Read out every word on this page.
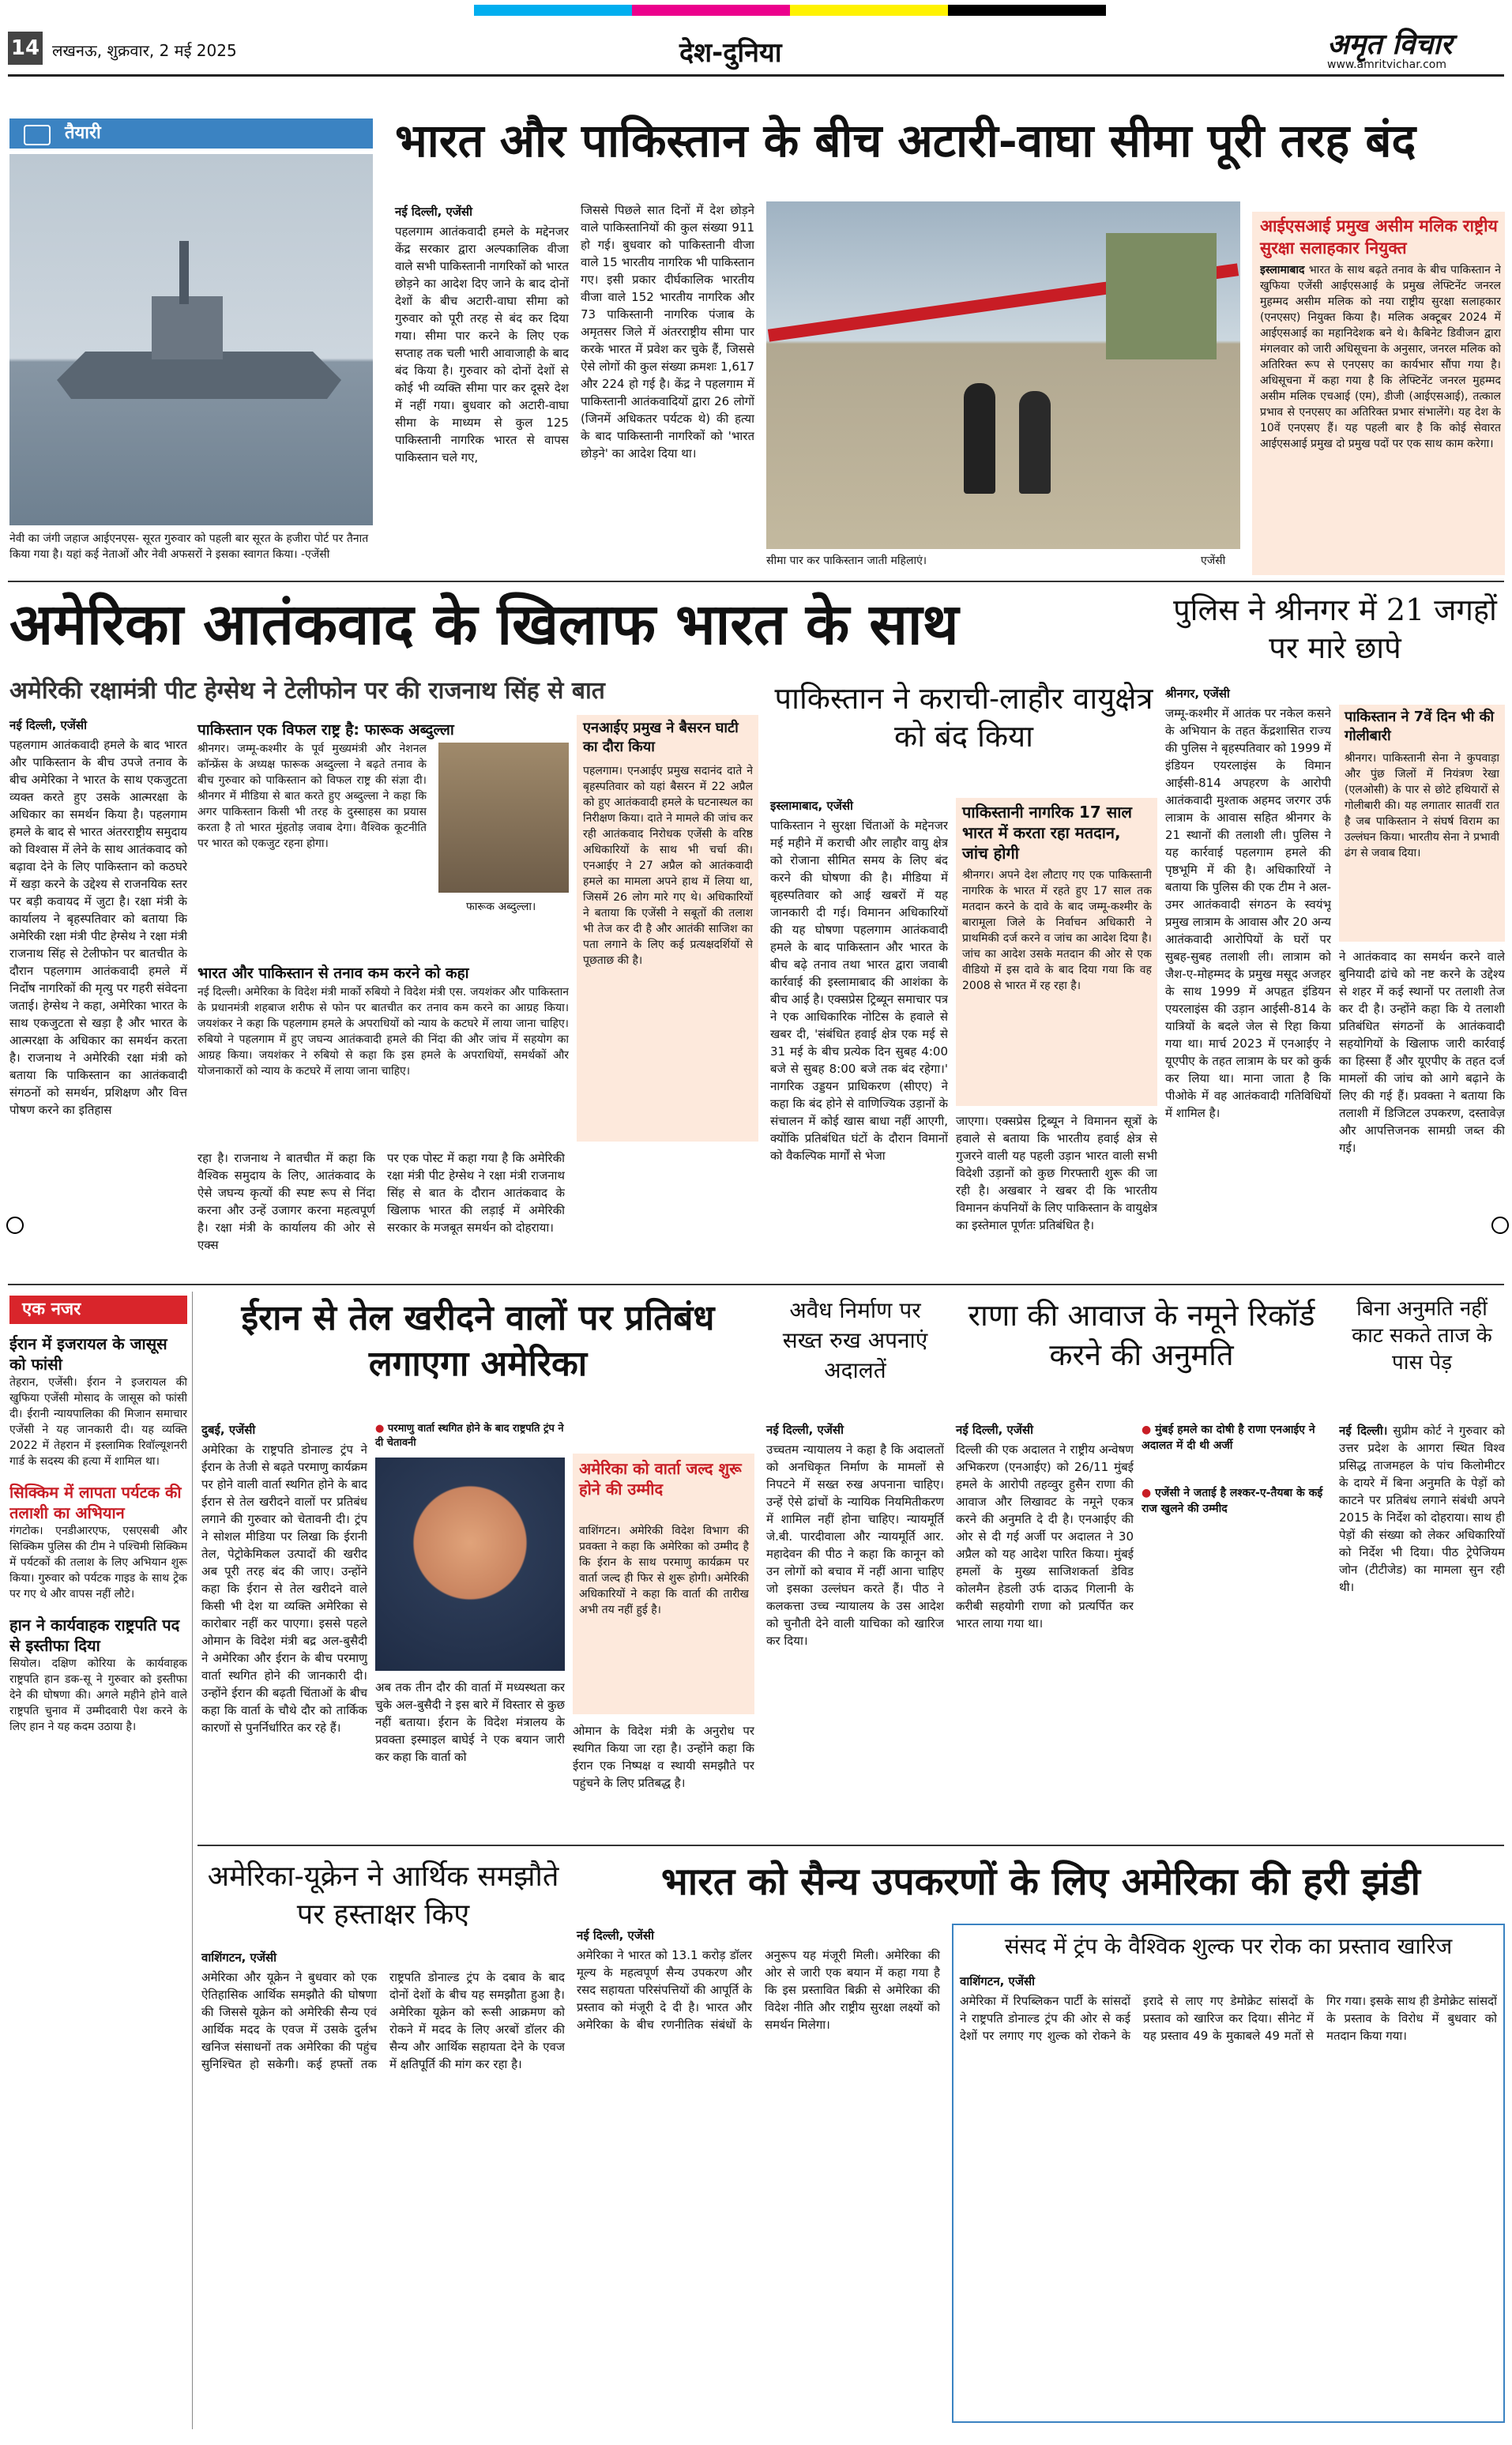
14 लखनऊ, शुक्रवार, 2 मई 2025	देश-दुनिया	अमृत विचार
www.amritvichar.com
तैयारी
नेवी का जंगी जहाज आईएनएस- सूरत गुरुवार को पहली बार सूरत के हजीरा पोर्ट पर तैनात किया गया है। यहां कई नेताओं और नेवी अफसरों ने इसका स्वागत किया। -एजेंसी
भारत और पाकिस्तान के बीच अटारी-वाघा सीमा पूरी तरह बंद
नई दिल्ली, एजेंसी
पहलगाम आतंकवादी हमले के मद्देनजर केंद्र सरकार द्वारा अल्पकालिक वीजा वाले सभी पाकिस्तानी नागरिकों को भारत छोड़ने का आदेश दिए जाने के बाद दोनों देशों के बीच अटारी-वाघा सीमा को गुरुवार को पूरी तरह से बंद कर दिया गया। सीमा पार करने के लिए एक सप्ताह तक चली भारी आवाजाही के बाद बंद किया है। गुरुवार को दोनों देशों से कोई भी व्यक्ति सीमा पार कर दूसरे देश में नहीं गया। बुधवार को अटारी-वाघा सीमा के माध्यम से कुल 125 पाकिस्तानी नागरिक भारत से वापस पाकिस्तान चले गए,
जिससे पिछले सात दिनों में देश छोड़ने वाले पाकिस्तानियों की कुल संख्या 911 हो गई। बुधवार को पाकिस्तानी वीजा वाले 15 भारतीय नागरिक भी पाकिस्तान गए। इसी प्रकार दीर्घकालिक भारतीय वीजा वाले 152 भारतीय नागरिक और 73 पाकिस्तानी नागरिक पंजाब के अमृतसर जिले में अंतरराष्ट्रीय सीमा पार करके भारत में प्रवेश कर चुके हैं, जिससे ऐसे लोगों की कुल संख्या क्रमशः 1,617 और 224 हो गई है। केंद्र ने पहलगाम में पाकिस्तानी आतंकवादियों द्वारा 26 लोगों (जिनमें अधिकतर पर्यटक थे) की हत्या के बाद पाकिस्तानी नागरिकों को 'भारत छोड़ने' का आदेश दिया था।
सीमा पार कर पाकिस्तान जाती महिलाएं।	एजेंसी
आईएसआई प्रमुख असीम मलिक राष्ट्रीय सुरक्षा सलाहकार नियुक्त
इस्लामाबाद भारत के साथ बढ़ते तनाव के बीच पाकिस्तान ने खुफिया एजेंसी आईएसआई के प्रमुख लेफ्टिनेंट जनरल मुहम्मद असीम मलिक को नया राष्ट्रीय सुरक्षा सलाहकार (एनएसए) नियुक्त किया है। मलिक अक्टूबर 2024 में आईएसआई का महानिदेशक बने थे। कैबिनेट डिवीजन द्वारा मंगलवार को जारी अधिसूचना के अनुसार, जनरल मलिक को अतिरिक्त रूप से एनएसए का कार्यभार सौंपा गया है। अधिसूचना में कहा गया है कि लेफ्टिनेंट जनरल मुहम्मद असीम मलिक एचआई (एम), डीजी (आईएसआई), तत्काल प्रभाव से एनएसए का अतिरिक्त प्रभार संभालेंगे। यह देश के 10वें एनएसए हैं। यह पहली बार है कि कोई सेवारत आईएसआई प्रमुख दो प्रमुख पदों पर एक साथ काम करेगा।
अमेरिका आतंकवाद के खिलाफ भारत के साथ
अमेरिकी रक्षामंत्री पीट हेग्सेथ ने टेलीफोन पर की राजनाथ सिंह से बात
नई दिल्ली, एजेंसी
पहलगाम आतंकवादी हमले के बाद भारत और पाकिस्तान के बीच उपजे तनाव के बीच अमेरिका ने भारत के साथ एकजुटता व्यक्त करते हुए उसके आत्मरक्षा के अधिकार का समर्थन किया है। पहलगाम हमले के बाद से भारत अंतरराष्ट्रीय समुदाय को विश्वास में लेने के साथ आतंकवाद को बढ़ावा देने के लिए पाकिस्तान को कठघरे में खड़ा करने के उद्देश्य से राजनयिक स्तर पर बड़ी कवायद में जुटा है। रक्षा मंत्री के कार्यालय ने बृहस्पतिवार को बताया कि अमेरिकी रक्षा मंत्री पीट हेग्सेथ ने रक्षा मंत्री राजनाथ सिंह से टेलीफोन पर बातचीत के दौरान पहलगाम आतंकवादी हमले में निर्दोष नागरिकों की मृत्यु पर गहरी संवेदना जताई। हेग्सेथ ने कहा, अमेरिका भारत के साथ एकजुटता से खड़ा है और भारत के आत्मरक्षा के अधिकार का समर्थन करता है। राजनाथ ने अमेरिकी रक्षा मंत्री को बताया कि पाकिस्तान का आतंकवादी संगठनों को समर्थन, प्रशिक्षण और वित्त पोषण करने का इतिहास
पाकिस्तान एक विफल राष्ट्र है: फारूक अब्दुल्ला
श्रीनगर। जम्मू-कश्मीर के पूर्व मुख्यमंत्री और नेशनल कॉन्फ्रेंस के अध्यक्ष फारूक अब्दुल्ला ने बढ़ते तनाव के बीच गुरुवार को पाकिस्तान को विफल राष्ट्र की संज्ञा दी। श्रीनगर में मीडिया से बात करते हुए अब्दुल्ला ने कहा कि अगर पाकिस्तान किसी भी तरह के दुस्साहस का प्रयास करता है तो भारत मुंहतोड़ जवाब देगा। वैश्विक कूटनीति पर भारत को एकजुट रहना होगा।
फारूक अब्दुल्ला।
भारत और पाकिस्तान से तनाव कम करने को कहा
नई दिल्ली। अमेरिका के विदेश मंत्री मार्को रुबियो ने विदेश मंत्री एस. जयशंकर और पाकिस्तान के प्रधानमंत्री शहबाज शरीफ से फोन पर बातचीत कर तनाव कम करने का आग्रह किया। जयशंकर ने कहा कि पहलगाम हमले के अपराधियों को न्याय के कटघरे में लाया जाना चाहिए। रुबियो ने पहलगाम में हुए जघन्य आतंकवादी हमले की निंदा की और जांच में सहयोग का आग्रह किया। जयशंकर ने रुबियो से कहा कि इस हमले के अपराधियों, समर्थकों और योजनाकारों को न्याय के कटघरे में लाया जाना चाहिए।
एनआईए प्रमुख ने बैसरन घाटी का दौरा किया
पहलगाम। एनआईए प्रमुख सदानंद दाते ने बृहस्पतिवार को यहां बैसरन में 22 अप्रैल को हुए आतंकवादी हमले के घटनास्थल का निरीक्षण किया। दाते ने मामले की जांच कर रही आतंकवाद निरोधक एजेंसी के वरिष्ठ अधिकारियों के साथ भी चर्चा की। एनआईए ने 27 अप्रैल को आतंकवादी हमले का मामला अपने हाथ में लिया था, जिसमें 26 लोग मारे गए थे। अधिकारियों ने बताया कि एजेंसी ने सबूतों की तलाश भी तेज कर दी है और आतंकी साजिश का पता लगाने के लिए कई प्रत्यक्षदर्शियों से पूछताछ की है।
रहा है। राजनाथ ने बातचीत में कहा कि वैश्विक समुदाय के लिए, आतंकवाद के ऐसे जघन्य कृत्यों की स्पष्ट रूप से निंदा करना और उन्हें उजागर करना महत्वपूर्ण है। रक्षा मंत्री के कार्यालय की ओर से एक्स
पर एक पोस्ट में कहा गया है कि अमेरिकी रक्षा मंत्री पीट हेग्सेथ ने रक्षा मंत्री राजनाथ सिंह से बात के दौरान आतंकवाद के खिलाफ भारत की लड़ाई में अमेरिकी सरकार के मजबूत समर्थन को दोहराया।
पाकिस्तान ने कराची-लाहौर वायुक्षेत्र को बंद किया
इस्लामाबाद, एजेंसी
पाकिस्तान ने सुरक्षा चिंताओं के मद्देनजर मई महीने में कराची और लाहौर वायु क्षेत्र को रोजाना सीमित समय के लिए बंद करने की घोषणा की है। मीडिया में बृहस्पतिवार को आई खबरों में यह जानकारी दी गई। विमानन अधिकारियों की यह घोषणा पहलगाम आतंकवादी हमले के बाद पाकिस्तान और भारत के बीच बढ़े तनाव तथा भारत द्वारा जवाबी कार्रवाई की इस्लामाबाद की आशंका के बीच आई है। एक्सप्रेस ट्रिब्यून समाचार पत्र ने एक आधिकारिक नोटिस के हवाले से खबर दी, 'संबंधित हवाई क्षेत्र एक मई से 31 मई के बीच प्रत्येक दिन सुबह 4:00 बजे से सुबह 8:00 बजे तक बंद रहेगा।' नागरिक उड्डयन प्राधिकरण (सीएए) ने कहा कि बंद होने से वाणिज्यिक उड़ानों के संचालन में कोई खास बाधा नहीं आएगी, क्योंकि प्रतिबंधित घंटों के दौरान विमानों को वैकल्पिक मार्गों से भेजा
पाकिस्तानी नागरिक 17 साल भारत में करता रहा मतदान, जांच होगी
श्रीनगर। अपने देश लौटाए गए एक पाकिस्तानी नागरिक के भारत में रहते हुए 17 साल तक मतदान करने के दावे के बाद जम्मू-कश्मीर के बारामूला जिले के निर्वाचन अधिकारी ने प्राथमिकी दर्ज करने व जांच का आदेश दिया है। जांच का आदेश उसके मतदान की ओर से एक वीडियो में इस दावे के बाद दिया गया कि वह 2008 से भारत में रह रहा है।
जाएगा। एक्सप्रेस ट्रिब्यून ने विमानन सूत्रों के हवाले से बताया कि भारतीय हवाई क्षेत्र से गुजरने वाली यह पहली उड़ान भारत वाली सभी विदेशी उड़ानों को कुछ गिरफ्तारी शुरू की जा रही है। अखबार ने खबर दी कि भारतीय विमानन कंपनियों के लिए पाकिस्तान के वायुक्षेत्र का इस्तेमाल पूर्णतः प्रतिबंधित है।
पुलिस ने श्रीनगर में 21 जगहों पर मारे छापे
श्रीनगर, एजेंसी
जम्मू-कश्मीर में आतंक पर नकेल कसने के अभियान के तहत केंद्रशासित राज्य की पुलिस ने बृहस्पतिवार को 1999 में इंडियन एयरलाइंस के विमान आईसी-814 अपहरण के आरोपी आतंकवादी मुश्ताक अहमद जरगर उर्फ लात्राम के आवास सहित श्रीनगर के 21 स्थानों की तलाशी ली। पुलिस ने यह कार्रवाई पहलगाम हमले की पृष्ठभूमि में की है। अधिकारियों ने बताया कि पुलिस की एक टीम ने अल-उमर आतंकवादी संगठन के स्वयंभू प्रमुख लात्राम के आवास और 20 अन्य आतंकवादी आरोपियों के घरों पर सुबह-सुबह तलाशी ली। लात्राम को जैश-ए-मोहम्मद के प्रमुख मसूद अजहर के साथ 1999 में अपहृत इंडियन एयरलाइंस की उड़ान आईसी-814 के यात्रियों के बदले जेल से रिहा किया गया था। मार्च 2023 में एनआईए ने यूएपीए के तहत लात्राम के घर को कुर्क कर लिया था। माना जाता है कि पीओके में वह आतंकवादी गतिविधियों में शामिल है।
पाकिस्तान ने 7वें दिन भी की गोलीबारी
श्रीनगर। पाकिस्तानी सेना ने कुपवाड़ा और पुंछ जिलों में नियंत्रण रेखा (एलओसी) के पार से छोटे हथियारों से गोलीबारी की। यह लगातार सातवीं रात है जब पाकिस्तान ने संघर्ष विराम का उल्लंघन किया। भारतीय सेना ने प्रभावी ढंग से जवाब दिया।
ने आतंकवाद का समर्थन करने वाले बुनियादी ढांचे को नष्ट करने के उद्देश्य से शहर में कई स्थानों पर तलाशी तेज कर दी है। उन्होंने कहा कि ये तलाशी प्रतिबंधित संगठनों के आतंकवादी सहयोगियों के खिलाफ जारी कार्रवाई का हिस्सा हैं और यूएपीए के तहत दर्ज मामलों की जांच को आगे बढ़ाने के लिए की गई हैं। प्रवक्ता ने बताया कि तलाशी में डिजिटल उपकरण, दस्तावेज़ और आपत्तिजनक सामग्री जब्त की गई।
एक नजर
ईरान में इजरायल के जासूस को फांसी
तेहरान, एजेंसी। ईरान ने इजरायल की खुफिया एजेंसी मोसाद के जासूस को फांसी दी। ईरानी न्यायपालिका की मिजान समाचार एजेंसी ने यह जानकारी दी। यह व्यक्ति 2022 में तेहरान में इस्लामिक रिवॉल्यूशनरी गार्ड के सदस्य की हत्या में शामिल था।
सिक्किम में लापता पर्यटक की तलाशी का अभियान
गंगटोक। एनडीआरएफ, एसएसबी और सिक्किम पुलिस की टीम ने पश्चिमी सिक्किम में पर्यटकों की तलाश के लिए अभियान शुरू किया। गुरुवार को पर्यटक गाइड के साथ ट्रेक पर गए थे और वापस नहीं लौटे।
हान ने कार्यवाहक राष्ट्रपति पद से इस्तीफा दिया
सियोल। दक्षिण कोरिया के कार्यवाहक राष्ट्रपति हान डक-सू ने गुरुवार को इस्तीफा देने की घोषणा की। अगले महीने होने वाले राष्ट्रपति चुनाव में उम्मीदवारी पेश करने के लिए हान ने यह कदम उठाया है।
ईरान से तेल खरीदने वालों पर प्रतिबंध लगाएगा अमेरिका
दुबई, एजेंसी
अमेरिका के राष्ट्रपति डोनाल्ड ट्रंप ने ईरान के तेजी से बढ़ते परमाणु कार्यक्रम पर होने वाली वार्ता स्थगित होने के बाद ईरान से तेल खरीदने वालों पर प्रतिबंध लगाने की गुरुवार को चेतावनी दी। ट्रंप ने सोशल मीडिया पर लिखा कि ईरानी तेल, पेट्रोकेमिकल उत्पादों की खरीद अब पूरी तरह बंद की जाए। उन्होंने कहा कि ईरान से तेल खरीदने वाले किसी भी देश या व्यक्ति अमेरिका से कारोबार नहीं कर पाएगा। इससे पहले ओमान के विदेश मंत्री बद्र अल-बुसैदी ने अमेरिका और ईरान के बीच परमाणु वार्ता स्थगित होने की जानकारी दी। उन्होंने ईरान की बढ़ती चिंताओं के बीच कहा कि वार्ता के चौथे दौर को तार्किक कारणों से पुनर्निर्धारित कर रहे हैं।
● परमाणु वार्ता स्थगित होने के बाद राष्ट्रपति ट्रंप ने दी चेतावनी
अब तक तीन दौर की वार्ता में मध्यस्थता कर चुके अल-बुसैदी ने इस बारे में विस्तार से कुछ नहीं बताया। ईरान के विदेश मंत्रालय के प्रवक्ता इस्माइल बाघेई ने एक बयान जारी कर कहा कि वार्ता को
अमेरिका को वार्ता जल्द शुरू होने की उम्मीद
वाशिंगटन। अमेरिकी विदेश विभाग की प्रवक्ता ने कहा कि अमेरिका को उम्मीद है कि ईरान के साथ परमाणु कार्यक्रम पर वार्ता जल्द ही फिर से शुरू होगी। अमेरिकी अधिकारियों ने कहा कि वार्ता की तारीख अभी तय नहीं हुई है।
ओमान के विदेश मंत्री के अनुरोध पर स्थगित किया जा रहा है। उन्होंने कहा कि ईरान एक निष्पक्ष व स्थायी समझौते पर पहुंचने के लिए प्रतिबद्ध है।
अवैध निर्माण पर सख्त रुख अपनाएं अदालतें
नई दिल्ली, एजेंसी
उच्चतम न्यायालय ने कहा है कि अदालतों को अनधिकृत निर्माण के मामलों से निपटने में सख्त रुख अपनाना चाहिए। उन्हें ऐसे ढांचों के न्यायिक नियमितीकरण में शामिल नहीं होना चाहिए। न्यायमूर्ति जे.बी. पारदीवाला और न्यायमूर्ति आर. महादेवन की पीठ ने कहा कि कानून को उन लोगों को बचाव में नहीं आना चाहिए जो इसका उल्लंघन करते हैं। पीठ ने कलकत्ता उच्च न्यायालय के उस आदेश को चुनौती देने वाली याचिका को खारिज कर दिया।
राणा की आवाज के नमूने रिकॉर्ड करने की अनुमति
नई दिल्ली, एजेंसी
दिल्ली की एक अदालत ने राष्ट्रीय अन्वेषण अभिकरण (एनआईए) को 26/11 मुंबई हमले के आरोपी तहव्वुर हुसैन राणा की आवाज और लिखावट के नमूने एकत्र करने की अनुमति दे दी है। एनआईए की ओर से दी गई अर्जी पर अदालत ने 30 अप्रैल को यह आदेश पारित किया। मुंबई हमलों के मुख्य साजिशकर्ता डेविड कोलमैन हेडली उर्फ दाऊद गिलानी के करीबी सहयोगी राणा को प्रत्यर्पित कर भारत लाया गया था।
● मुंबई हमले का दोषी है राणा एनआईए ने अदालत में दी थी अर्जी
● एजेंसी ने जताई है लश्कर-ए-तैयबा के कई राज खुलने की उम्मीद
बिना अनुमति नहीं काट सकते ताज के पास पेड़
नई दिल्ली। सुप्रीम कोर्ट ने गुरुवार को उत्तर प्रदेश के आगरा स्थित विश्व प्रसिद्ध ताजमहल के पांच किलोमीटर के दायरे में बिना अनुमति के पेड़ों को काटने पर प्रतिबंध लगाने संबंधी अपने 2015 के निर्देश को दोहराया। साथ ही पेड़ों की संख्या को लेकर अधिकारियों को निर्देश भी दिया। पीठ ट्रेपेजियम जोन (टीटीजेड) का मामला सुन रही थी।
अमेरिका-यूक्रेन ने आर्थिक समझौते पर हस्ताक्षर किए
वाशिंगटन, एजेंसी
अमेरिका और यूक्रेन ने बुधवार को एक ऐतिहासिक आर्थिक समझौते की घोषणा की जिससे यूक्रेन को अमेरिकी सैन्य एवं आर्थिक मदद के एवज में उसके दुर्लभ खनिज संसाधनों तक अमेरिका की पहुंच सुनिश्चित हो सकेगी। कई हफ्तों तक राष्ट्रपति डोनाल्ड ट्रंप के दबाव के बाद दोनों देशों के बीच यह समझौता हुआ है। अमेरिका यूक्रेन को रूसी आक्रमण को रोकने में मदद के लिए अरबों डॉलर की सैन्य और आर्थिक सहायता देने के एवज में क्षतिपूर्ति की मांग कर रहा है।
भारत को सैन्य उपकरणों के लिए अमेरिका की हरी झंडी
नई दिल्ली, एजेंसी
अमेरिका ने भारत को 13.1 करोड़ डॉलर मूल्य के महत्वपूर्ण सैन्य उपकरण और रसद सहायता परिसंपत्तियों की आपूर्ति के प्रस्ताव को मंजूरी दे दी है। भारत और अमेरिका के बीच रणनीतिक संबंधों के अनुरूप यह मंजूरी मिली। अमेरिका की ओर से जारी एक बयान में कहा गया है कि इस प्रस्तावित बिक्री से अमेरिका की विदेश नीति और राष्ट्रीय सुरक्षा लक्ष्यों को समर्थन मिलेगा।
संसद में ट्रंप के वैश्विक शुल्क पर रोक का प्रस्ताव खारिज
वाशिंगटन, एजेंसी
अमेरिका में रिपब्लिकन पार्टी के सांसदों ने राष्ट्रपति डोनाल्ड ट्रंप की ओर से कई देशों पर लगाए गए शुल्क को रोकने के इरादे से लाए गए डेमोक्रेट सांसदों के प्रस्ताव को खारिज कर दिया। सीनेट में यह प्रस्ताव 49 के मुकाबले 49 मतों से गिर गया। इसके साथ ही डेमोक्रेट सांसदों के प्रस्ताव के विरोध में बुधवार को मतदान किया गया।
